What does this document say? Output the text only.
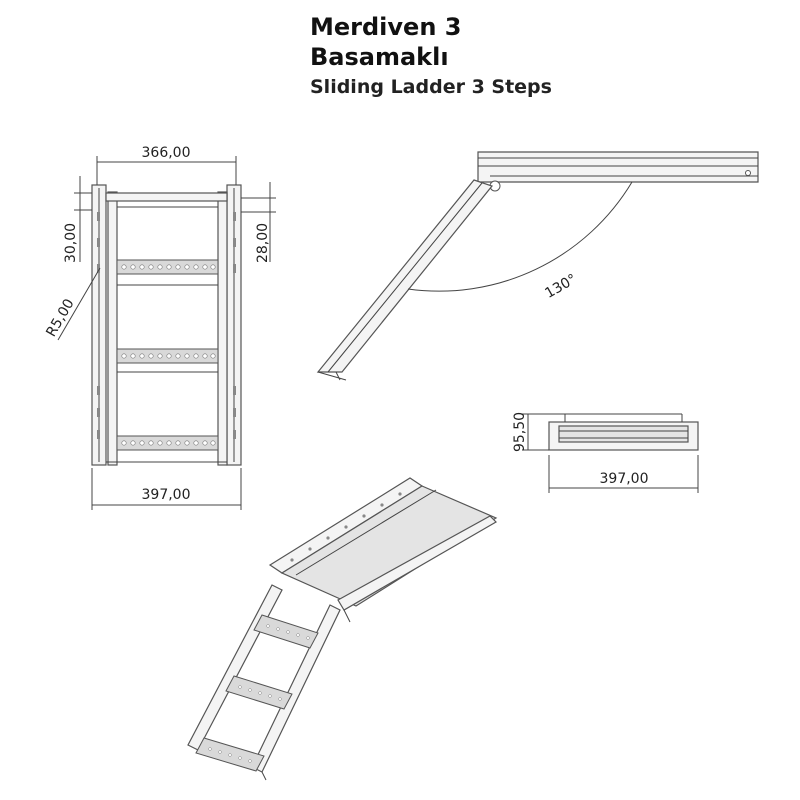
Merdiven 3
Basamaklı
Sliding Ladder 3 Steps
366,00
397,00
30,00	28,00
R5,00
130°
95,50
397,00
